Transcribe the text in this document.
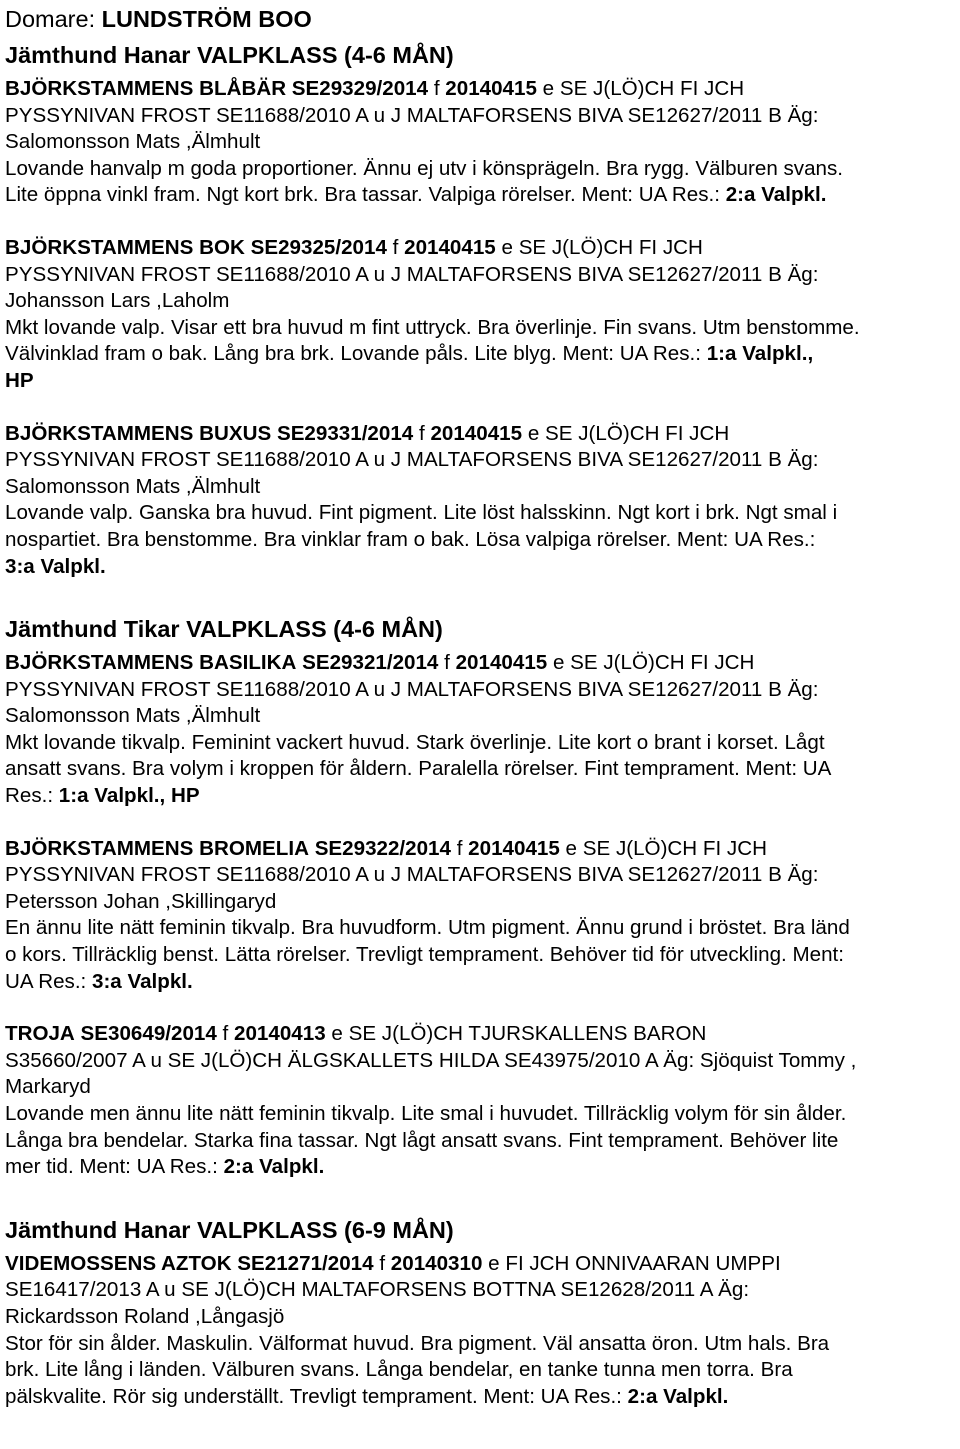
Domare: LUNDSTRÖM BOO
Jämthund Hanar VALPKLASS (4-6 MÅN)
BJÖRKSTAMMENS BLÅBÄR SE29329/2014 f 20140415 e SE J(LÖ)CH FI JCH
PYSSYNIVAN FROST SE11688/2010 A u J MALTAFORSENS BIVA SE12627/2011 B Äg:
Salomonsson Mats ,Älmhult
Lovande hanvalp m goda proportioner. Ännu ej utv i könsprägeln. Bra rygg. Välburen svans.
Lite öppna vinkl fram. Ngt kort brk. Bra tassar. Valpiga rörelser. Ment: UA Res.: 2:a Valpkl.
BJÖRKSTAMMENS BOK SE29325/2014 f 20140415 e SE J(LÖ)CH FI JCH
PYSSYNIVAN FROST SE11688/2010 A u J MALTAFORSENS BIVA SE12627/2011 B Äg:
Johansson Lars ,Laholm
Mkt lovande valp. Visar ett bra huvud m fint uttryck. Bra överlinje. Fin svans. Utm benstomme.
Välvinklad fram o bak. Lång bra brk. Lovande påls. Lite blyg. Ment: UA Res.: 1:a Valpkl.,
HP
BJÖRKSTAMMENS BUXUS SE29331/2014 f 20140415 e SE J(LÖ)CH FI JCH
PYSSYNIVAN FROST SE11688/2010 A u J MALTAFORSENS BIVA SE12627/2011 B Äg:
Salomonsson Mats ,Älmhult
Lovande valp. Ganska bra huvud. Fint pigment. Lite löst halsskinn. Ngt kort i brk. Ngt smal i
nospartiet. Bra benstomme. Bra vinklar fram o bak. Lösa valpiga rörelser. Ment: UA Res.:
3:a Valpkl.
Jämthund Tikar VALPKLASS (4-6 MÅN)
BJÖRKSTAMMENS BASILIKA SE29321/2014 f 20140415 e SE J(LÖ)CH FI JCH
PYSSYNIVAN FROST SE11688/2010 A u J MALTAFORSENS BIVA SE12627/2011 B Äg:
Salomonsson Mats ,Älmhult
Mkt lovande tikvalp. Feminint vackert huvud. Stark överlinje. Lite kort o brant i korset. Lågt
ansatt svans. Bra volym i kroppen för åldern. Paralella rörelser. Fint temprament. Ment: UA
Res.: 1:a Valpkl., HP
BJÖRKSTAMMENS BROMELIA SE29322/2014 f 20140415 e SE J(LÖ)CH FI JCH
PYSSYNIVAN FROST SE11688/2010 A u J MALTAFORSENS BIVA SE12627/2011 B Äg:
Petersson Johan ,Skillingaryd
En ännu lite nätt feminin tikvalp. Bra huvudform. Utm pigment. Ännu grund i bröstet. Bra länd
o kors. Tillräcklig benst. Lätta rörelser. Trevligt temprament. Behöver tid för utveckling. Ment:
UA Res.: 3:a Valpkl.
TROJA SE30649/2014 f 20140413 e SE J(LÖ)CH TJURSKALLENS BARON
S35660/2007 A u SE J(LÖ)CH ÄLGSKALLETS HILDA SE43975/2010 A Äg: Sjöquist Tommy ,
Markaryd
Lovande men ännu lite nätt feminin tikvalp. Lite smal i huvudet. Tillräcklig volym för sin ålder.
Långa bra bendelar. Starka fina tassar. Ngt lågt ansatt svans. Fint temprament. Behöver lite
mer tid. Ment: UA Res.: 2:a Valpkl.
Jämthund Hanar VALPKLASS (6-9 MÅN)
VIDEMOSSENS AZTOK SE21271/2014 f 20140310 e FI JCH ONNIVAARAN UMPPI
SE16417/2013 A u SE J(LÖ)CH MALTAFORSENS BOTTNA SE12628/2011 A Äg:
Rickardsson Roland ,Långasjö
Stor för sin ålder. Maskulin. Välformat huvud. Bra pigment. Väl ansatta öron. Utm hals. Bra
brk. Lite lång i länden. Välburen svans. Långa bendelar, en tanke tunna men torra. Bra
pälskvalite. Rör sig underställt. Trevligt temprament. Ment: UA Res.: 2:a Valpkl.
